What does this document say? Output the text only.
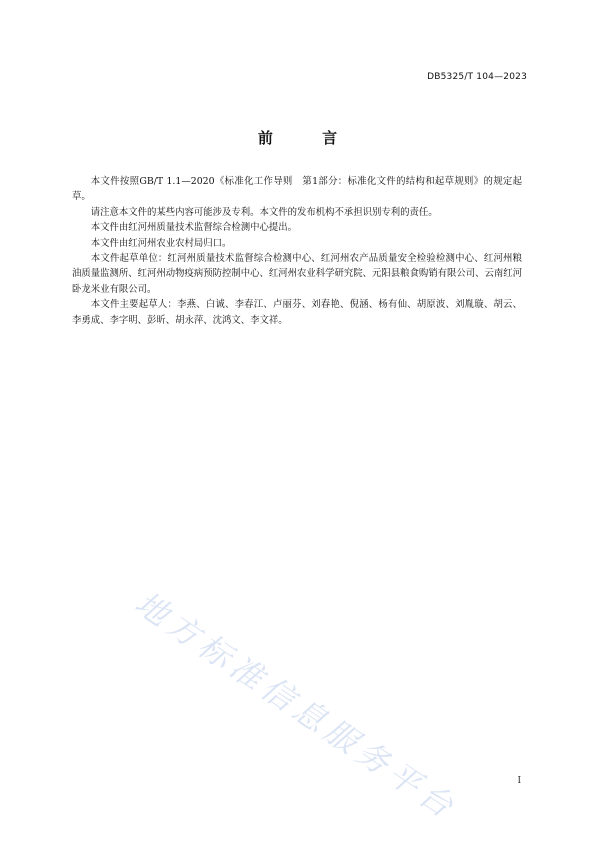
DB5325/T 104—2023
前 言

本文件按照GB/T 1.1—2020《标准化工作导则　第1部分：标准化文件的结构和起草规则》的规定起草。

请注意本文件的某些内容可能涉及专利。本文件的发布机构不承担识别专利的责任。

本文件由红河州质量技术监督综合检测中心提出。

本文件由红河州农业农村局归口。

本文件起草单位：红河州质量技术监督综合检测中心、红河州农产品质量安全检验检测中心、红河州粮油质量监测所、红河州动物疫病预防控制中心、红河州农业科学研究院、元阳县粮食购销有限公司、云南红河卧龙米业有限公司。

本文件主要起草人：李燕、白诚、李春江、卢丽芬、刘春艳、倪涵、杨有仙、胡原波、刘胤璇、胡云、李勇成、李字明、彭昕、胡永萍、沈鸿文、李文祥。

地方标准信息服务平台	I
